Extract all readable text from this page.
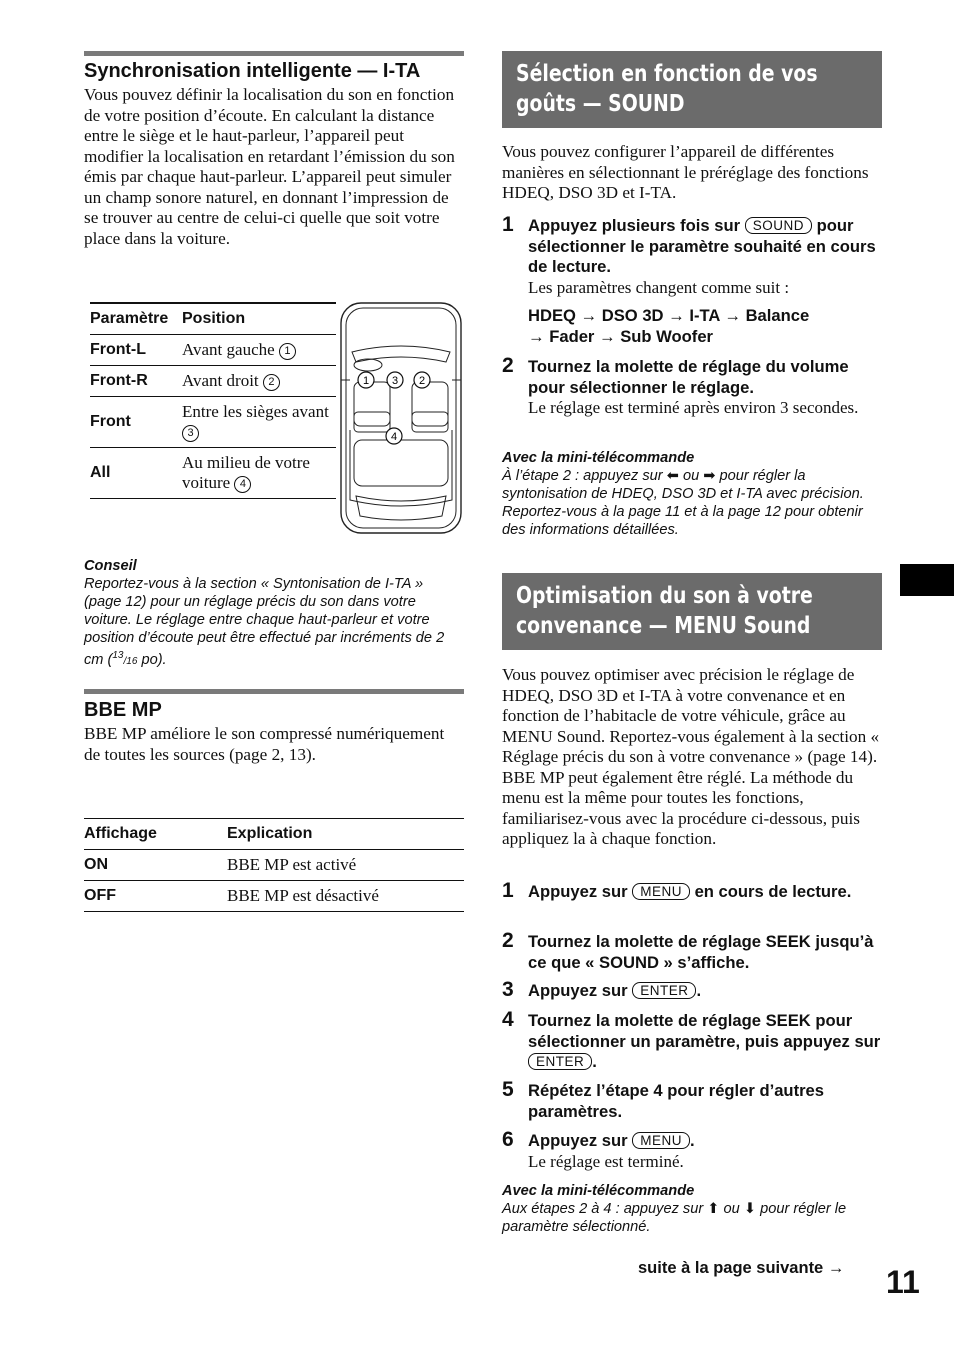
Synchronisation intelligente — I-TA
Vous pouvez définir la localisation du son en fonction de votre position d’écoute. En calculant la distance entre le siège et le haut-parleur, l’appareil peut modifier la localisation en retardant l’émission du son émis par chaque haut-parleur. L’appareil peut simuler un champ sonore naturel, en donnant l’impression de se trouver au centre de celui-ci quelle que soit votre place dans la voiture.
Paramètre	Position
Front-L	Avant gauche 1
Front-R	Avant droit 2
Front	Entre les sièges avant 3
All	Au milieu de votre voiture 4
1 3 2
4
Conseil
Reportez-vous à la section « Syntonisation de I-TA » (page 12) pour un réglage précis du son dans votre voiture. Le réglage entre chaque haut-parleur et votre position d’écoute peut être effectué par incréments de 2 cm ($^{13}$/16 po).
BBE MP
BBE MP améliore le son compressé numériquement de toutes les sources (page 2, 13).
Affichage	Explication
ON	BBE MP est activé
OFF	BBE MP est désactivé
Sélection en fonction de vos
goûts — SOUND
Vous pouvez configurer l’appareil de différentes manières en sélectionnant le préréglage des fonctions HDEQ, DSO 3D et I-TA.
1 Appuyez plusieurs fois sur SOUND pour sélectionner le paramètre souhaité en cours de lecture.
Les paramètres changent comme suit :
HDEQ → DSO 3D → I-TA → Balance
→ Fader → Sub Woofer
2 Tournez la molette de réglage du volume pour sélectionner le réglage.
Le réglage est terminé après environ 3 secondes.
Avec la mini-télécommande
À l’étape 2 : appuyez sur ⬅ ou ➡ pour régler la syntonisation de HDEQ, DSO 3D et I-TA avec précision. Reportez-vous à la page 11 et à la page 12 pour obtenir des informations détaillées.
Optimisation du son à votre
convenance — MENU Sound
Vous pouvez optimiser avec précision le réglage de HDEQ, DSO 3D et I-TA à votre convenance et en fonction de l’habitacle de votre véhicule, grâce au MENU Sound. Reportez-vous également à la section « Réglage précis du son à votre convenance » (page 14). BBE MP peut également être réglé. La méthode du menu est la même pour toutes les fonctions, familiarisez-vous avec la procédure ci-dessous, puis appliquez la à chaque fonction.
1 Appuyez sur MENU en cours de lecture.
2 Tournez la molette de réglage SEEK jusqu’à ce que « SOUND » s’affiche.
3 Appuyez sur ENTER .
4 Tournez la molette de réglage SEEK pour sélectionner un paramètre, puis appuyez sur ENTER .
5 Répétez l’étape 4 pour régler d’autres paramètres.
6 Appuyez sur MENU .
Le réglage est terminé.
Avec la mini-télécommande
Aux étapes 2 à 4 : appuyez sur ⬆ ou ⬇ pour régler le paramètre sélectionné.
suite à la page suivante → 11
